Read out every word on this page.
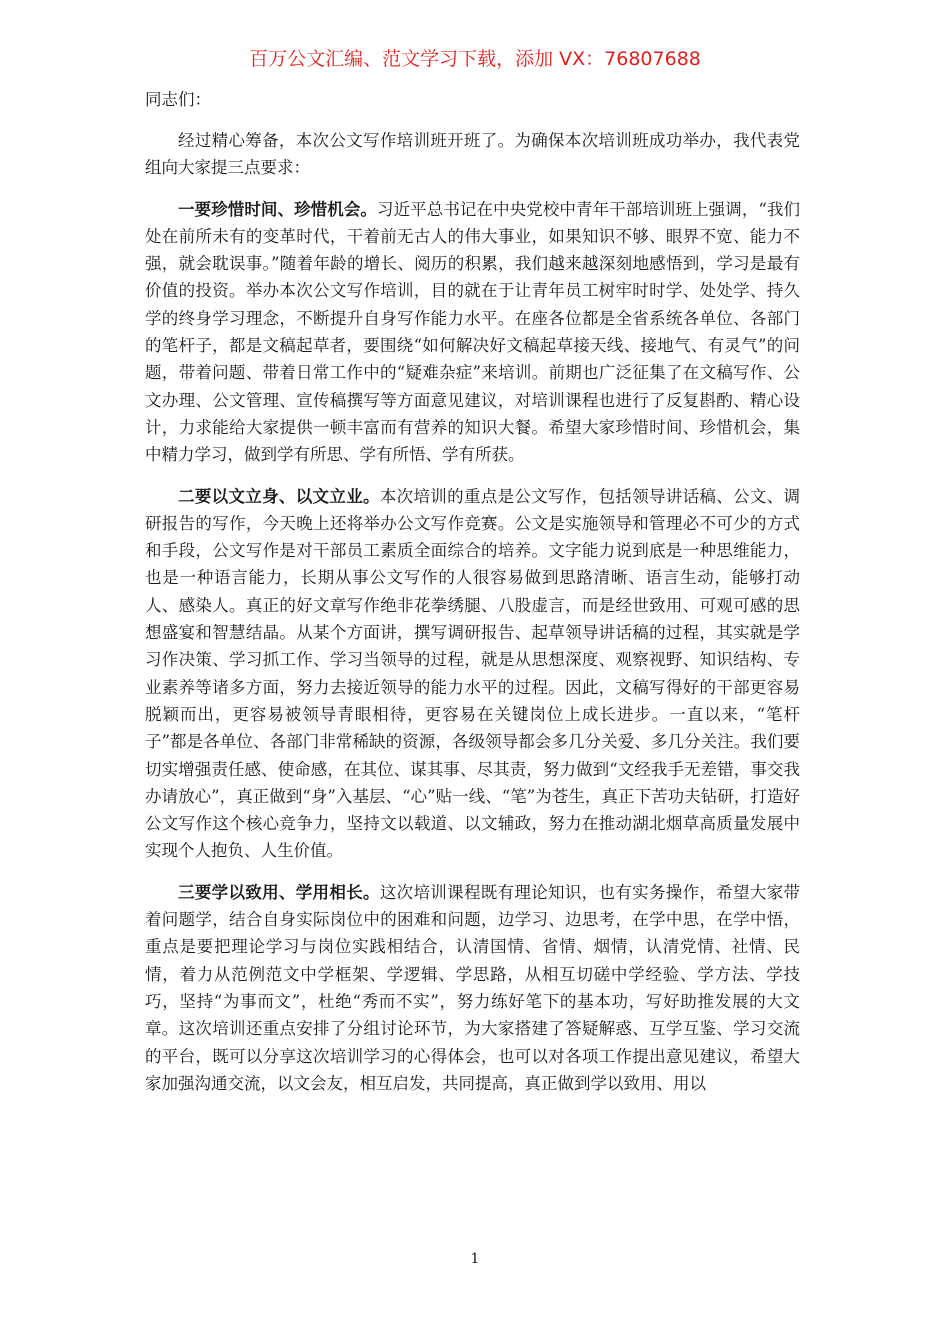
百万公文汇编、范文学习下载，添加 VX：76807688

同志们：

经过精心筹备，本次公文写作培训班开班了。为确保本次培训班成功举办，我代表党组向大家提三点要求：

一要珍惜时间、珍惜机会。习近平总书记在中央党校中青年干部培训班上强调，“我们处在前所未有的变革时代，干着前无古人的伟大事业，如果知识不够、眼界不宽、能力不强，就会耽误事。”随着年龄的增长、阅历的积累，我们越来越深刻地感悟到，学习是最有价值的投资。举办本次公文写作培训，目的就在于让青年员工树牢时时学、处处学、持久学的终身学习理念，不断提升自身写作能力水平。在座各位都是全省系统各单位、各部门的笔杆子，都是文稿起草者，要围绕“如何解决好文稿起草接天线、接地气、有灵气”的问题，带着问题、带着日常工作中的“疑难杂症”来培训。前期也广泛征集了在文稿写作、公文办理、公文管理、宣传稿撰写等方面意见建议，对培训课程也进行了反复斟酌、精心设计，力求能给大家提供一顿丰富而有营养的知识大餐。希望大家珍惜时间、珍惜机会，集中精力学习，做到学有所思、学有所悟、学有所获。

二要以文立身、以文立业。本次培训的重点是公文写作，包括领导讲话稿、公文、调研报告的写作，今天晚上还将举办公文写作竞赛。公文是实施领导和管理必不可少的方式和手段，公文写作是对干部员工素质全面综合的培养。文字能力说到底是一种思维能力，也是一种语言能力，长期从事公文写作的人很容易做到思路清晰、语言生动，能够打动人、感染人。真正的好文章写作绝非花拳绣腿、八股虚言，而是经世致用、可观可感的思想盛宴和智慧结晶。从某个方面讲，撰写调研报告、起草领导讲话稿的过程，其实就是学习作决策、学习抓工作、学习当领导的过程，就是从思想深度、观察视野、知识结构、专业素养等诸多方面，努力去接近领导的能力水平的过程。因此，文稿写得好的干部更容易脱颖而出，更容易被领导青眼相待，更容易在关键岗位上成长进步。一直以来，“笔杆子”都是各单位、各部门非常稀缺的资源，各级领导都会多几分关爱、多几分关注。我们要切实增强责任感、使命感，在其位、谋其事、尽其责，努力做到“文经我手无差错，事交我办请放心”，真正做到“身”入基层、“心”贴一线、“笔”为苍生，真正下苦功夫钻研，打造好公文写作这个核心竞争力，坚持文以载道、以文辅政，努力在推动湖北烟草高质量发展中实现个人抱负、人生价值。

三要学以致用、学用相长。这次培训课程既有理论知识，也有实务操作，希望大家带着问题学，结合自身实际岗位中的困难和问题，边学习、边思考，在学中思，在学中悟，重点是要把理论学习与岗位实践相结合，认清国情、省情、烟情，认清党情、社情、民情，着力从范例范文中学框架、学逻辑、学思路，从相互切磋中学经验、学方法、学技巧，坚持“为事而文”，杜绝“秀而不实”，努力练好笔下的基本功，写好助推发展的大文章。这次培训还重点安排了分组讨论环节，为大家搭建了答疑解惑、互学互鉴、学习交流的平台，既可以分享这次培训学习的心得体会，也可以对各项工作提出意见建议，希望大家加强沟通交流，以文会友，相互启发，共同提高，真正做到学以致用、用以

1
